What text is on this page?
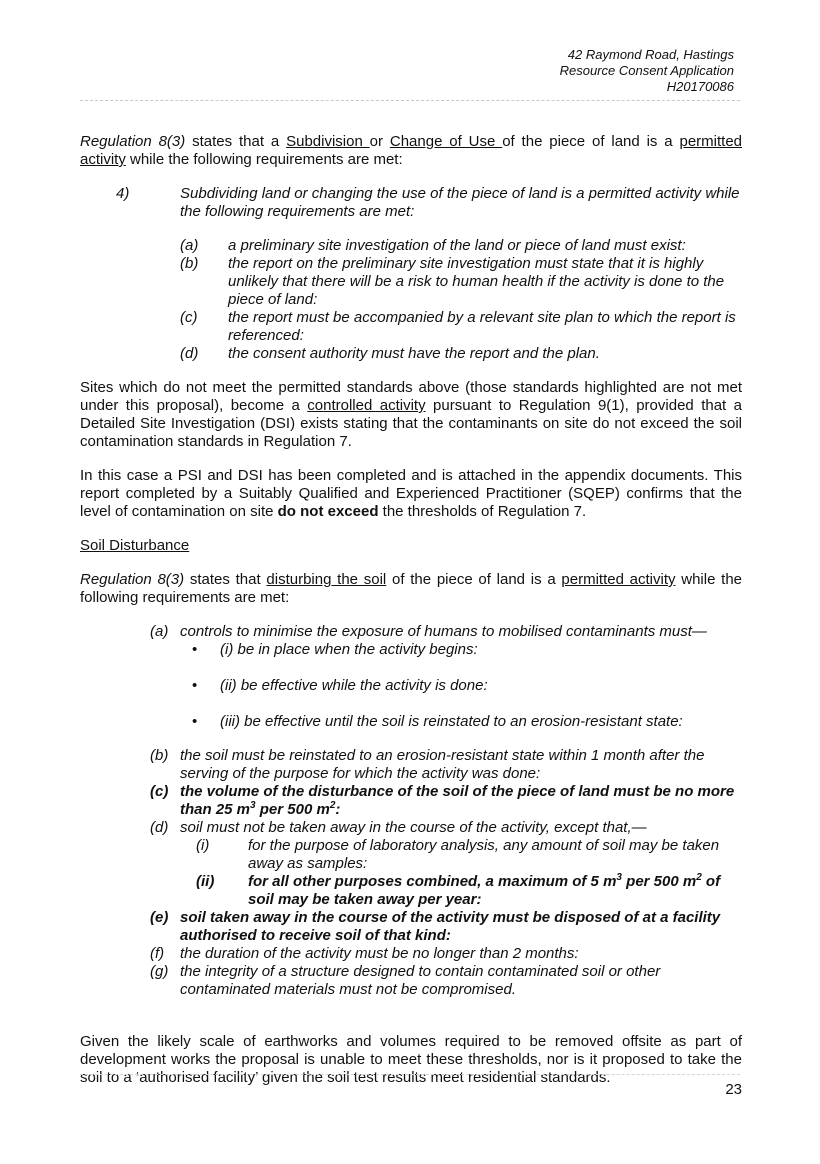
42 Raymond Road, Hastings
Resource Consent Application
H20170086

Regulation 8(3) states that a Subdivision or Change of Use of the piece of land is a permitted activity while the following requirements are met:

4)	Subdividing land or changing the use of the piece of land is a permitted activity while the following requirements are met:
(a)	a preliminary site investigation of the land or piece of land must exist:
(b)	the report on the preliminary site investigation must state that it is highly unlikely that there will be a risk to human health if the activity is done to the piece of land:
(c)	the report must be accompanied by a relevant site plan to which the report is referenced:
(d)	the consent authority must have the report and the plan.

Sites which do not meet the permitted standards above (those standards highlighted are not met under this proposal), become a controlled activity pursuant to Regulation 9(1), provided that a Detailed Site Investigation (DSI) exists stating that the contaminants on site do not exceed the soil contamination standards in Regulation 7.

In this case a PSI and DSI has been completed and is attached in the appendix documents. This report completed by a Suitably Qualified and Experienced Practitioner (SQEP) confirms that the level of contamination on site do not exceed the thresholds of Regulation 7.

Soil Disturbance

Regulation 8(3) states that disturbing the soil of the piece of land is a permitted activity while the following requirements are met:

(a) controls to minimise the exposure of humans to mobilised contaminants must—
•	(i) be in place when the activity begins:
•	(ii) be effective while the activity is done:
•	(iii) be effective until the soil is reinstated to an erosion-resistant state:
(b) the soil must be reinstated to an erosion-resistant state within 1 month after the serving of the purpose for which the activity was done:
(c) the volume of the disturbance of the soil of the piece of land must be no more than 25 $m^3$ per 500 $m^2$:
(d) soil must not be taken away in the course of the activity, except that,—
(i)	for the purpose of laboratory analysis, any amount of soil may be taken away as samples:
(ii)	for all other purposes combined, a maximum of 5 $m^3$ per 500 $m^2$ of soil may be taken away per year:
(e) soil taken away in the course of the activity must be disposed of at a facility authorised to receive soil of that kind:
(f)	the duration of the activity must be no longer than 2 months:
(g) the integrity of a structure designed to contain contaminated soil or other contaminated materials must not be compromised.

Given the likely scale of earthworks and volumes required to be removed offsite as part of development works the proposal is unable to meet these thresholds, nor is it proposed to take the soil to a ‘authorised facility’ given the soil test results meet residential standards.

23
